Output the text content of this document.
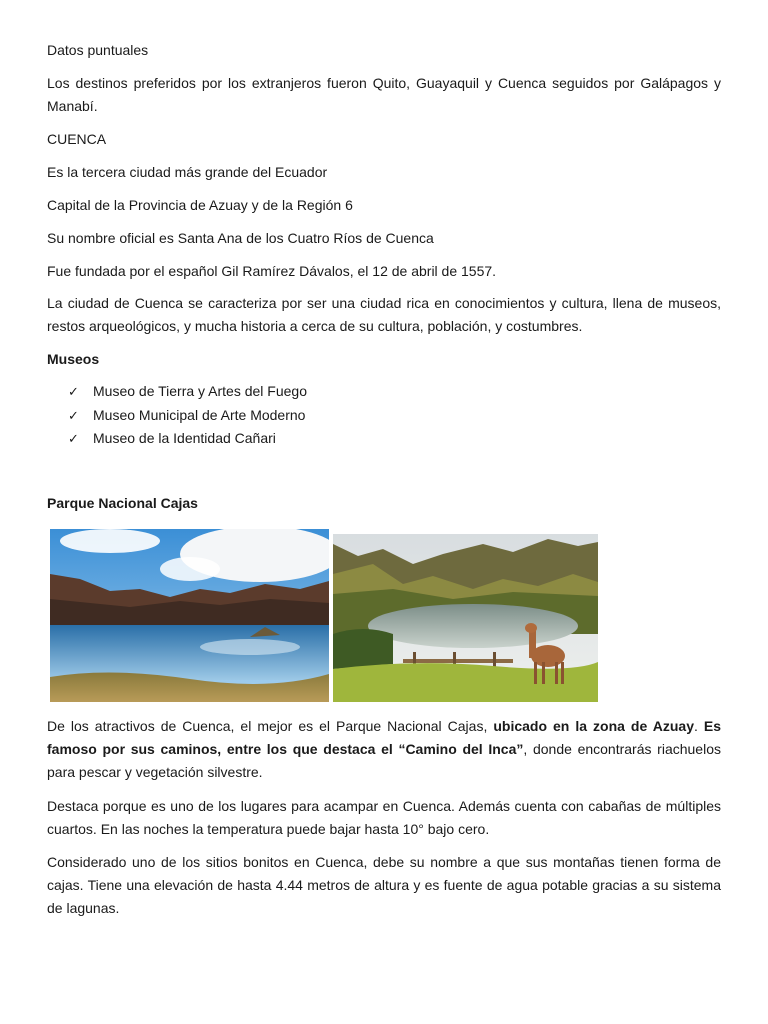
Datos puntuales

Los destinos preferidos por los extranjeros fueron Quito, Guayaquil y Cuenca seguidos por Galápagos y Manabí.

CUENCA

Es la tercera ciudad más grande del Ecuador

Capital de la Provincia de Azuay y de la Región 6

Su nombre oficial es Santa Ana de los Cuatro Ríos de Cuenca

Fue fundada por el español Gil Ramírez Dávalos, el 12 de abril de 1557.

La ciudad de Cuenca se caracteriza por ser una ciudad rica en conocimientos y cultura, llena de museos, restos arqueológicos, y mucha historia a cerca de su cultura, población, y costumbres.

Museos

✓ Museo de Tierra y Artes del Fuego
✓ Museo Municipal de Arte Moderno
✓ Museo de la Identidad Cañari

Parque Nacional Cajas

De los atractivos de Cuenca, el mejor es el Parque Nacional Cajas, ubicado en la zona de Azuay. Es famoso por sus caminos, entre los que destaca el “Camino del Inca”, donde encontrarás riachuelos para pescar y vegetación silvestre.

Destaca porque es uno de los lugares para acampar en Cuenca. Además cuenta con cabañas de múltiples cuartos. En las noches la temperatura puede bajar hasta 10° bajo cero.

Considerado uno de los sitios bonitos en Cuenca, debe su nombre a que sus montañas tienen forma de cajas. Tiene una elevación de hasta 4.44 metros de altura y es fuente de agua potable gracias a su sistema de lagunas.
